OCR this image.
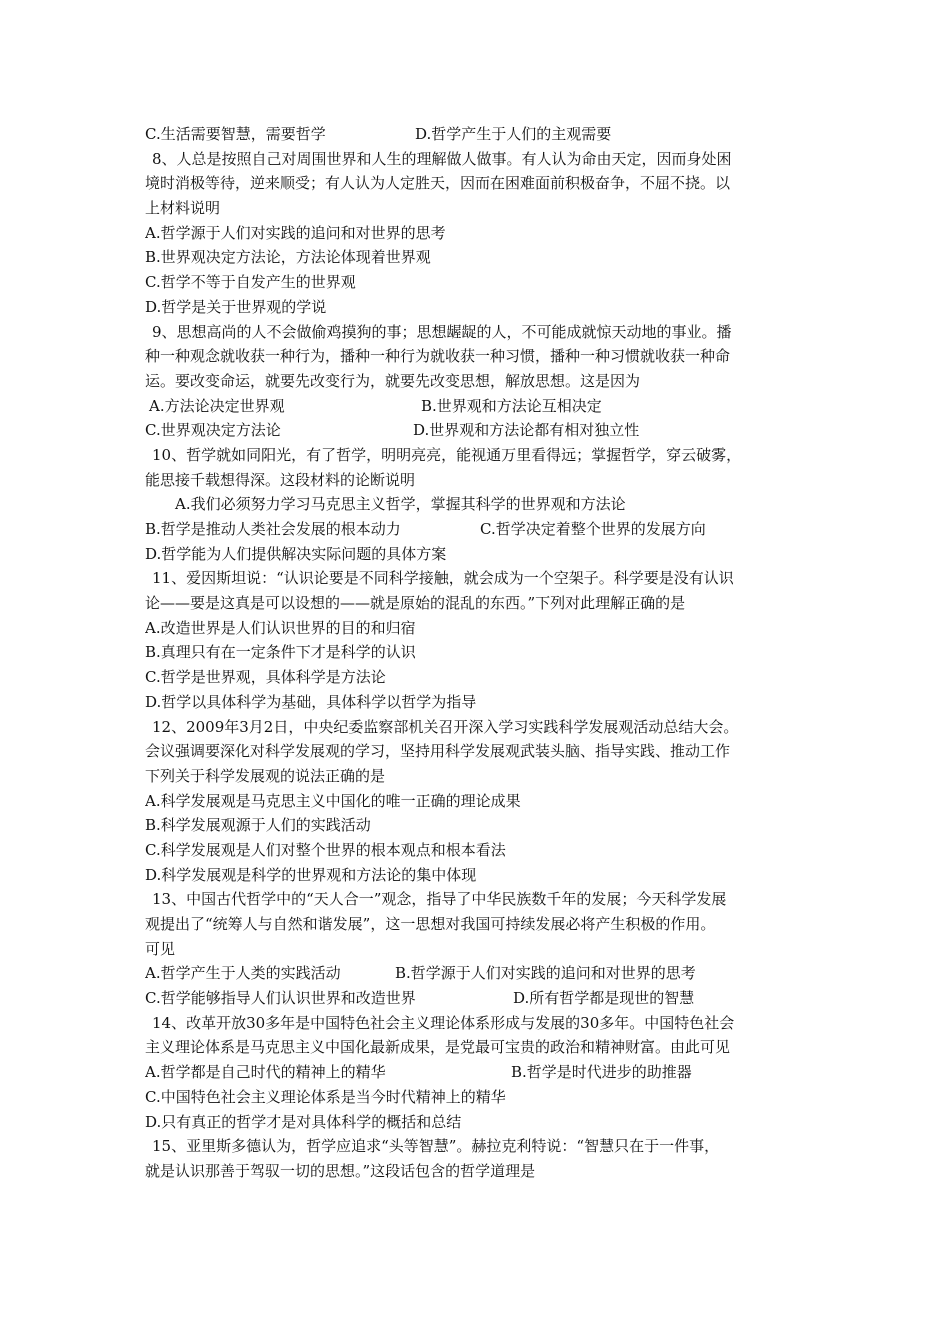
C.生活需要智慧，需要哲学	D.哲学产生于人们的主观需要
8、人总是按照自己对周围世界和人生的理解做人做事。有人认为命由天定，因而身处困
境时消极等待，逆来顺受；有人认为人定胜天，因而在困难面前积极奋争，不屈不挠。以
上材料说明
A.哲学源于人们对实践的追问和对世界的思考
B.世界观决定方法论，方法论体现着世界观
C.哲学不等于自发产生的世界观
D.哲学是关于世界观的学说
9、思想高尚的人不会做偷鸡摸狗的事；思想龌龊的人，不可能成就惊天动地的事业。播
种一种观念就收获一种行为，播种一种行为就收获一种习惯，播种一种习惯就收获一种命
运。要改变命运，就要先改变行为，就要先改变思想，解放思想。这是因为
A.方法论决定世界观	B.世界观和方法论互相决定
C.世界观决定方法论	D.世界观和方法论都有相对独立性
10、哲学就如同阳光，有了哲学，明明亮亮，能视通万里看得远；掌握哲学，穿云破雾，
能思接千载想得深。这段材料的论断说明
A.我们必须努力学习马克思主义哲学，掌握其科学的世界观和方法论
B.哲学是推动人类社会发展的根本动力	C.哲学决定着整个世界的发展方向
D.哲学能为人们提供解决实际问题的具体方案
11、爱因斯坦说：“认识论要是不同科学接触，就会成为一个空架子。科学要是没有认识
论——要是这真是可以设想的——就是原始的混乱的东西。”下列对此理解正确的是
A.改造世界是人们认识世界的目的和归宿
B.真理只有在一定条件下才是科学的认识
C.哲学是世界观，具体科学是方法论
D.哲学以具体科学为基础，具体科学以哲学为指导
12、2009年3月2日，中央纪委监察部机关召开深入学习实践科学发展观活动总结大会。
会议强调要深化对科学发展观的学习，坚持用科学发展观武装头脑、指导实践、推动工作
下列关于科学发展观的说法正确的是
A.科学发展观是马克思主义中国化的唯一正确的理论成果
B.科学发展观源于人们的实践活动
C.科学发展观是人们对整个世界的根本观点和根本看法
D.科学发展观是科学的世界观和方法论的集中体现
13、中国古代哲学中的“天人合一”观念，指导了中华民族数千年的发展；今天科学发展
观提出了“统筹人与自然和谐发展”，这一思想对我国可持续发展必将产生积极的作用。
可见
A.哲学产生于人类的实践活动	B.哲学源于人们对实践的追问和对世界的思考
C.哲学能够指导人们认识世界和改造世界	D.所有哲学都是现世的智慧
14、改革开放30多年是中国特色社会主义理论体系形成与发展的30多年。中国特色社会
主义理论体系是马克思主义中国化最新成果，是党最可宝贵的政治和精神财富。由此可见
A.哲学都是自己时代的精神上的精华	B.哲学是时代进步的助推器
C.中国特色社会主义理论体系是当今时代精神上的精华
D.只有真正的哲学才是对具体科学的概括和总结
15、亚里斯多德认为，哲学应追求“头等智慧”。赫拉克利特说：“智慧只在于一件事，
就是认识那善于驾驭一切的思想。”这段话包含的哲学道理是
